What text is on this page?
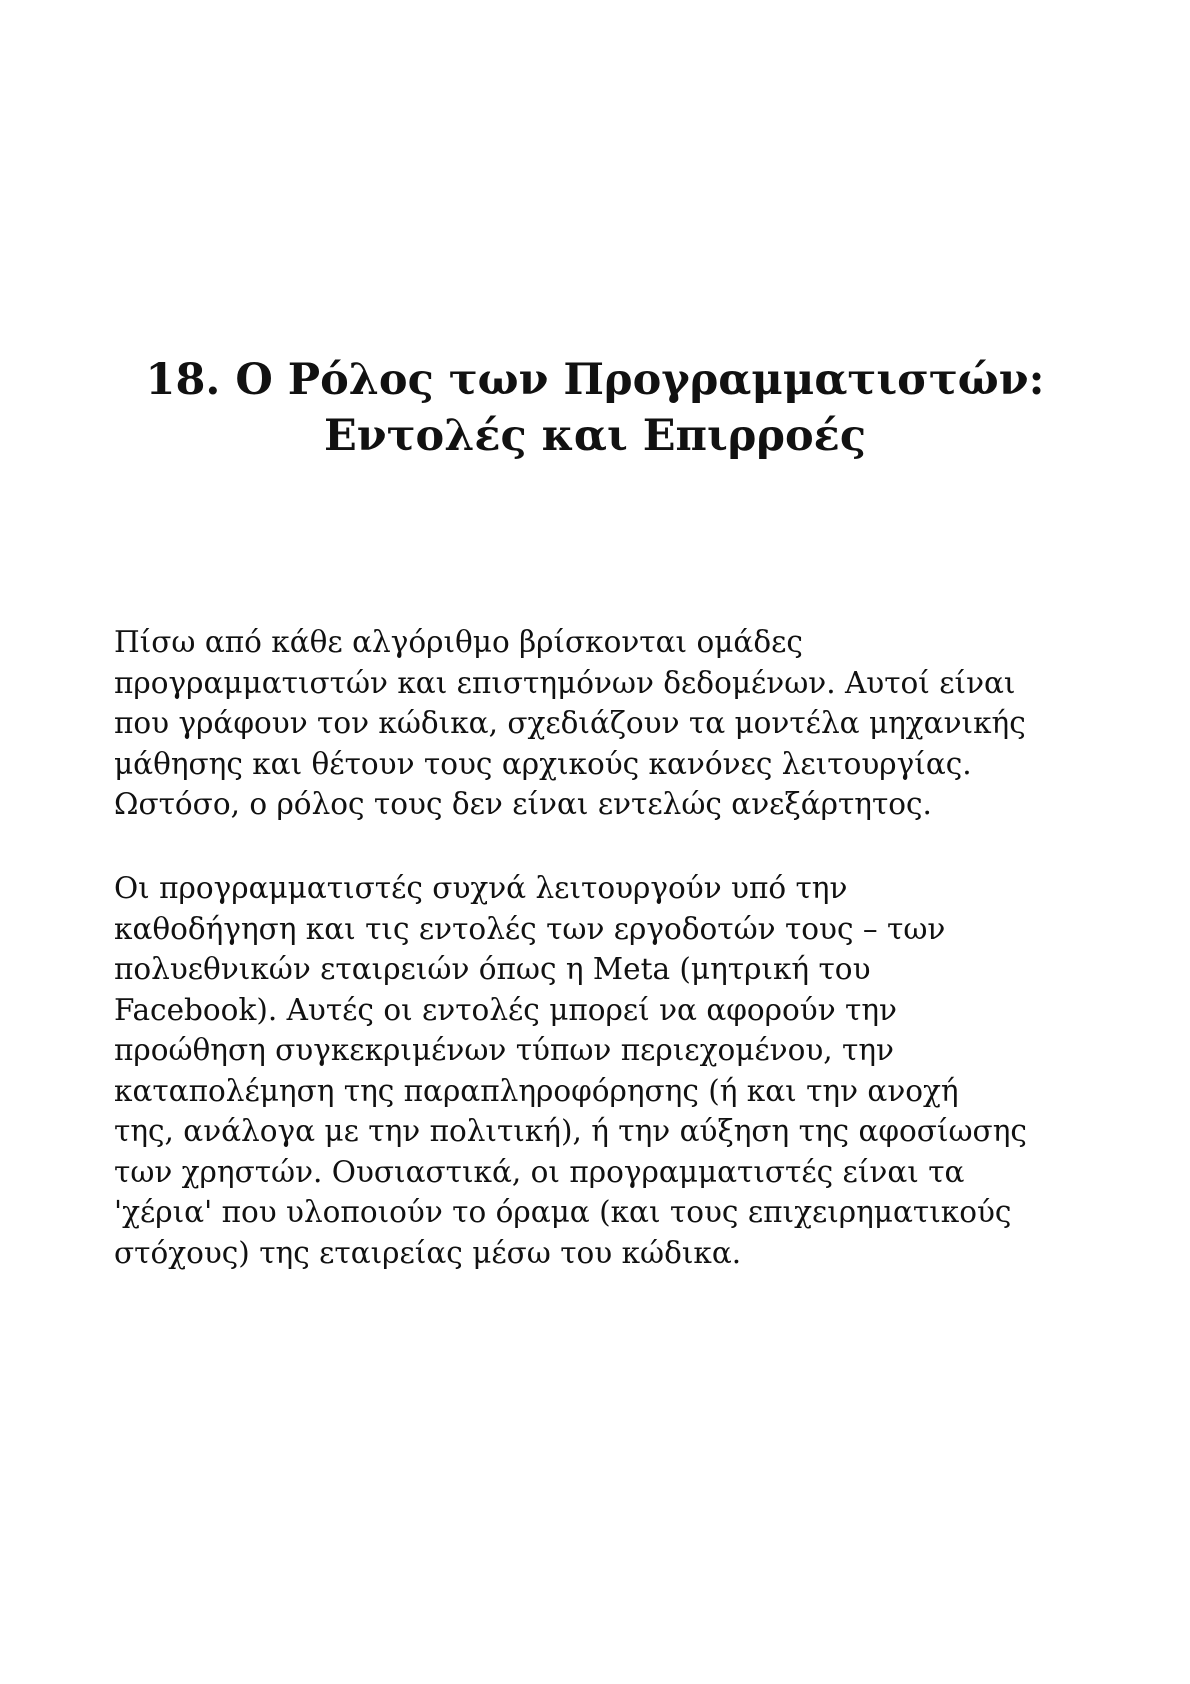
18. Ο Ρόλος των Προγραμματιστών:
Εντολές και Επιρροές

Πίσω από κάθε αλγόριθμο βρίσκονται ομάδες
προγραμματιστών και επιστημόνων δεδομένων. Αυτοί είναι
που γράφουν τον κώδικα, σχεδιάζουν τα μοντέλα μηχανικής
μάθησης και θέτουν τους αρχικούς κανόνες λειτουργίας.
Ωστόσο, ο ρόλος τους δεν είναι εντελώς ανεξάρτητος.

Οι προγραμματιστές συχνά λειτουργούν υπό την
καθοδήγηση και τις εντολές των εργοδοτών τους – των
πολυεθνικών εταιρειών όπως η Meta (μητρική του
Facebook). Αυτές οι εντολές μπορεί να αφορούν την
προώθηση συγκεκριμένων τύπων περιεχομένου, την
καταπολέμηση της παραπληροφόρησης (ή και την ανοχή
της, ανάλογα με την πολιτική), ή την αύξηση της αφοσίωσης
των χρηστών. Ουσιαστικά, οι προγραμματιστές είναι τα
'χέρια' που υλοποιούν το όραμα (και τους επιχειρηματικούς
στόχους) της εταιρείας μέσω του κώδικα.
